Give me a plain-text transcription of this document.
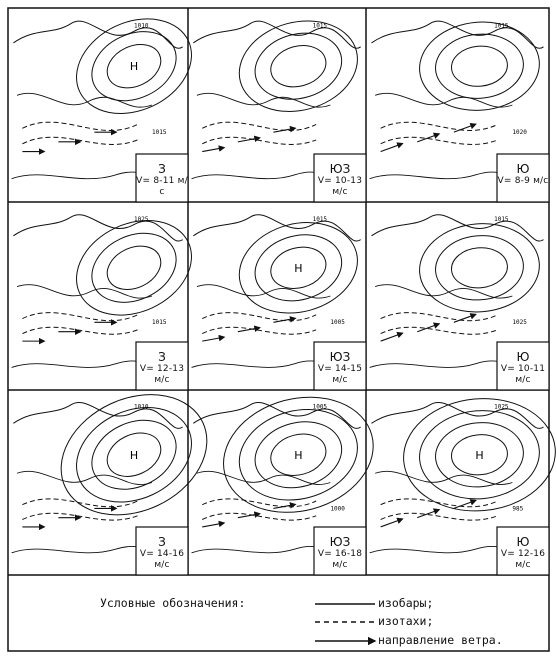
Н
1010
1015
1015	1015
1020
1025
1015
Н
1015
1005
1015
1025
Н
1010
Н
1005
1000
Н
1025
985
З
V= 8-11 м/с
ЮЗ
V= 10-13 м/с
Ю
V= 8-9 м/с
З
V= 12-13 м/с
ЮЗ
V= 14-15 м/с
Ю
V= 10-11 м/с
З
V= 14-16 м/с
ЮЗ
V= 16-18 м/с
Ю
V= 12-16 м/с
Условные обозначения:	изобары;
изотахи;
направление ветра.
